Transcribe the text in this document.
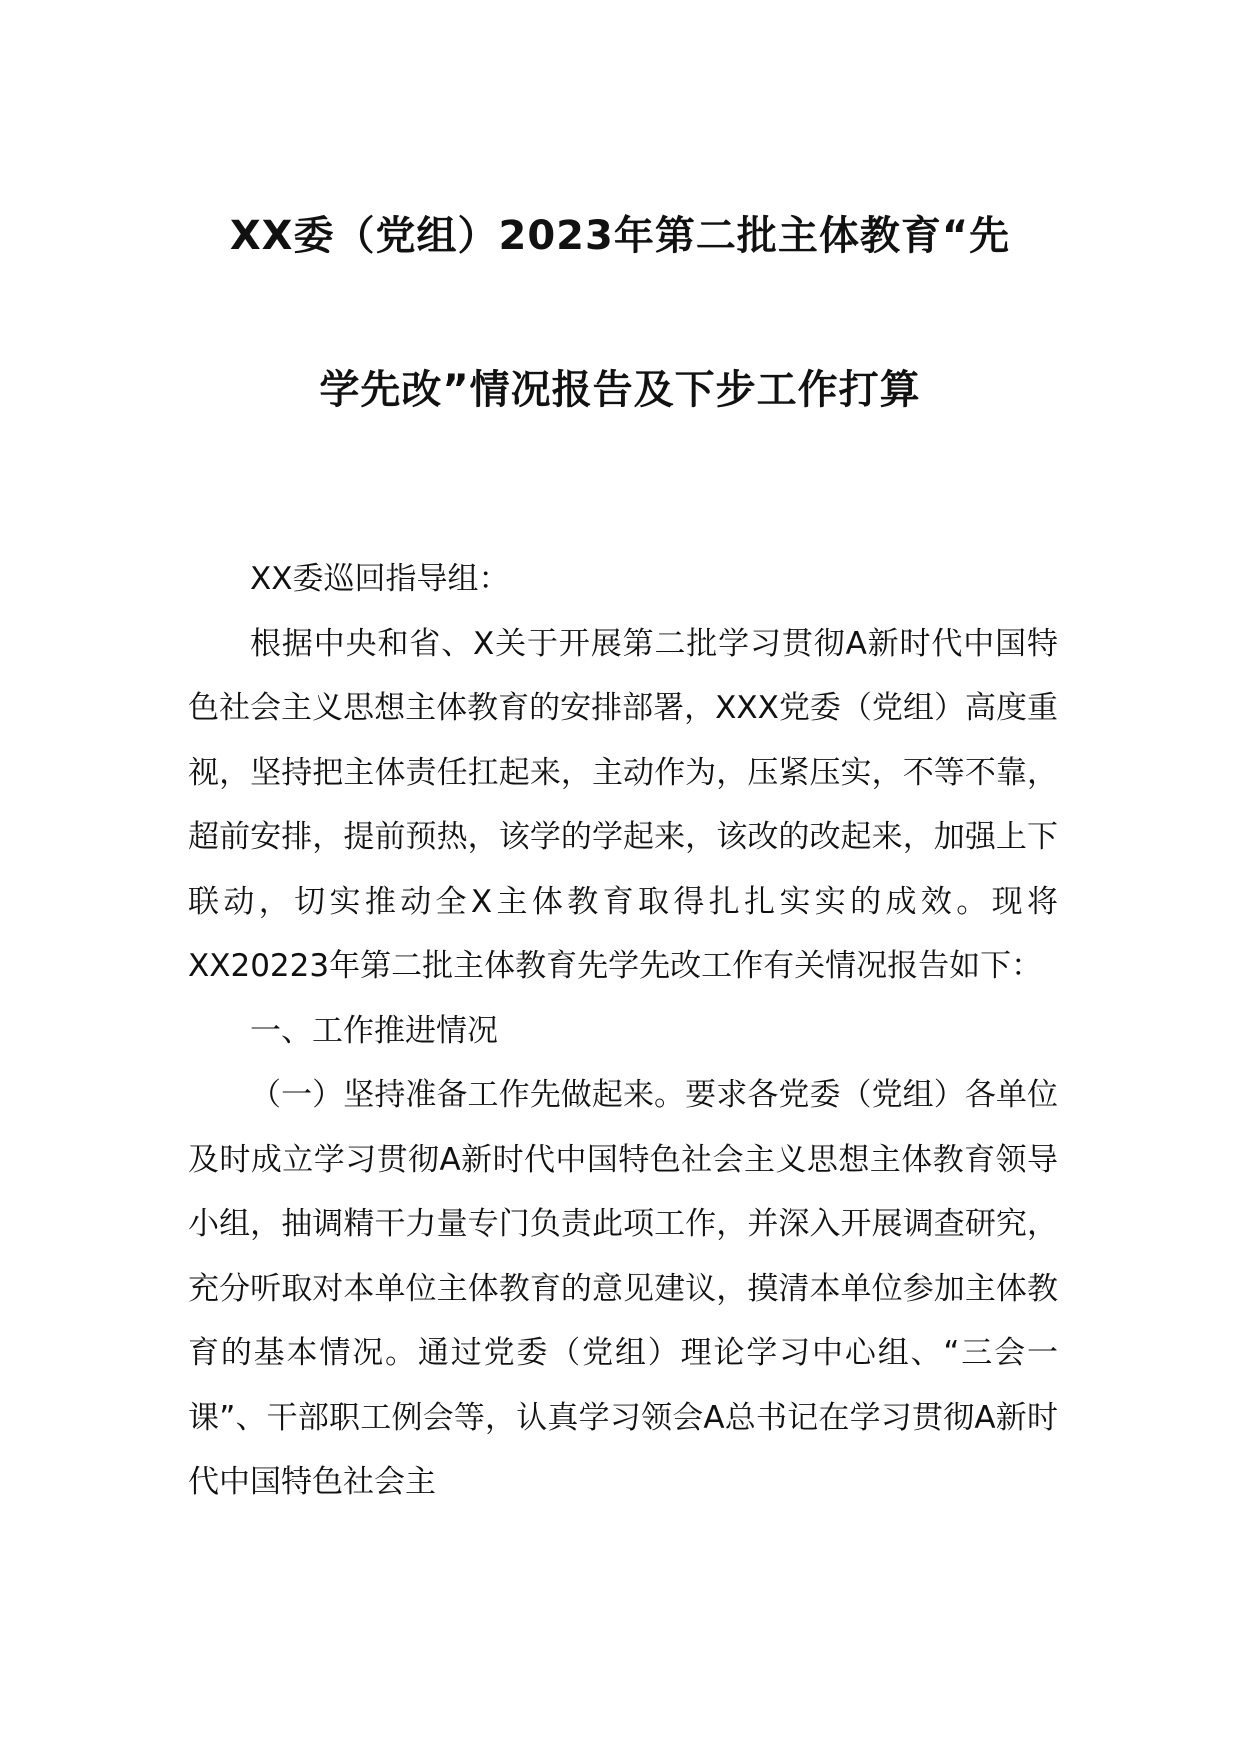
XX委（党组）2023年第二批主体教育“先
学先改”情况报告及下步工作打算

XX委巡回指导组：

根据中央和省、X关于开展第二批学习贯彻A新时代中国特色社会主义思想主体教育的安排部署，XXX党委（党组）高度重视，坚持把主体责任扛起来，主动作为，压紧压实，不等不靠，超前安排，提前预热，该学的学起来，该改的改起来，加强上下联动，切实推动全X主体教育取得扎扎实实的成效。现将XX20223年第二批主体教育先学先改工作有关情况报告如下：

一、工作推进情况

（一）坚持准备工作先做起来。要求各党委（党组）各单位及时成立学习贯彻A新时代中国特色社会主义思想主体教育领导小组，抽调精干力量专门负责此项工作，并深入开展调查研究，充分听取对本单位主体教育的意见建议，摸清本单位参加主体教育的基本情况。通过党委（党组）理论学习中心组、“三会一课”、干部职工例会等，认真学习领会A总书记在学习贯彻A新时代中国特色社会主
